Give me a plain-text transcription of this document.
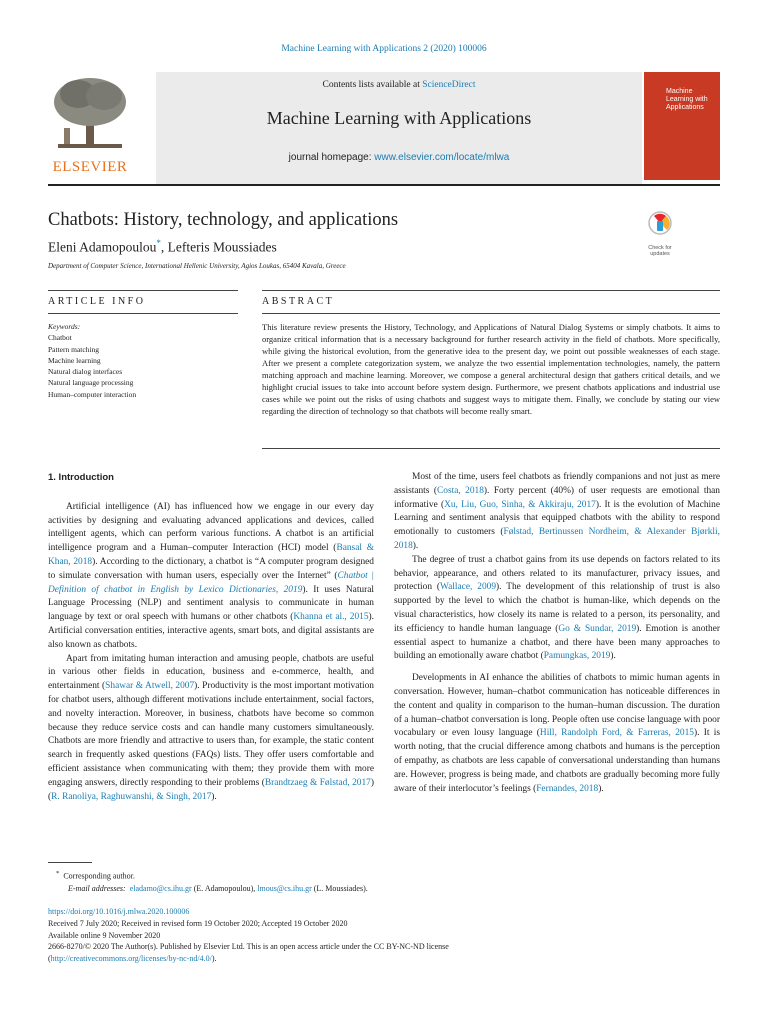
Machine Learning with Applications 2 (2020) 100006
Contents lists available at ScienceDirect
Machine Learning with Applications
journal homepage: www.elsevier.com/locate/mlwa
ELSEVIER
Machine Learning with Applications
Chatbots: History, technology, and applications
Eleni Adamopoulou*, Lefteris Moussiades
Department of Computer Science, International Hellenic University, Agios Loukas, 65404 Kavala, Greece
Check for updates
ARTICLE INFO	ABSTRACT
Keywords:
Chatbot
Pattern matching
Machine learning
Natural dialog interfaces
Natural language processing
Human–computer interaction
This literature review presents the History, Technology, and Applications of Natural Dialog Systems or simply chatbots. It aims to organize critical information that is a necessary background for further research activity in the field of chatbots. More specifically, while giving the historical evolution, from the generative idea to the present day, we point out possible weaknesses of each stage. After we present a complete categorization system, we analyze the two essential implementation technologies, namely, the pattern matching approach and machine learning. Moreover, we compose a general architectural design that gathers critical details, and we highlight crucial issues to take into account before system design. Furthermore, we present chatbots applications and industrial use cases while we point out the risks of using chatbots and suggest ways to mitigate them. Finally, we conclude by stating our view regarding the direction of technology so that chatbots will become really smart.
1. Introduction

Artificial intelligence (AI) has influenced how we engage in our every day activities by designing and evaluating advanced applications and devices, called intelligent agents, which can perform various functions. A chatbot is an artificial intelligence program and a Human–computer Interaction (HCI) model (Bansal & Khan, 2018). According to the dictionary, a chatbot is “A computer program designed to simulate conversation with human users, especially over the Internet” (Chatbot | Definition of chatbot in English by Lexico Dictionaries, 2019). It uses Natural Language Processing (NLP) and sentiment analysis to communicate in human language by text or oral speech with humans or other chatbots (Khanna et al., 2015). Artificial conversation entities, interactive agents, smart bots, and digital assistants are also known as chatbots.

Apart from imitating human interaction and amusing people, chatbots are useful in various other fields in education, business and e-commerce, health, and entertainment (Shawar & Atwell, 2007). Productivity is the most important motivation for chatbot users, although different motivations include entertainment, social factors, and novelty interaction. Moreover, in business, chatbots have become so common because they reduce service costs and can handle many customers simultaneously. Chatbots are more friendly and attractive to users than, for example, the static content search in frequently asked questions (FAQs) lists. They offer users comfortable and efficient assistance when communicating with them; they provide them with more engaging answers, directly responding to their problems (Brandtzaeg & Følstad, 2017) (R. Ranoliya, Raghuwanshi, & Singh, 2017).

Most of the time, users feel chatbots as friendly companions and not just as mere assistants (Costa, 2018). Forty percent (40%) of user requests are emotional than informative (Xu, Liu, Guo, Sinha, & Akkiraju, 2017). It is the evolution of Machine Learning and sentiment analysis that equipped chatbots with the ability to respond emotionally to customers (Følstad, Bertinussen Nordheim, & Alexander Bjørkli, 2018).

The degree of trust a chatbot gains from its use depends on factors related to its behavior, appearance, and others related to its manufacturer, privacy issues, and protection (Wallace, 2009). The development of this relationship of trust is also supported by the level to which the chatbot is human-like, which depends on the visual characteristics, how closely its name is related to a person, its personality, and its efficiency to handle human language (Go & Sundar, 2019). Emotion is another essential aspect to humanize a chatbot, and there have been many approaches to building an emotionally aware chatbot (Pamungkas, 2019).

Developments in AI enhance the abilities of chatbots to mimic human agents in conversation. However, human–chatbot communication has noticeable differences in the content and quality in comparison to the human–human discussion. The duration of a human–chatbot conversation is long. People often use concise language with poor vocabulary or even lousy language (Hill, Randolph Ford, & Farreras, 2015). It is worth noting, that the crucial difference among chatbots and humans is the perception of empathy, as chatbots are less capable of conversational understanding than humans are. However, progress is being made, and chatbots are gradually becoming more fully aware of their interlocutor’s feelings (Fernandes, 2018).

* Corresponding author.
E-mail addresses: eladamo@cs.ihu.gr (E. Adamopoulou), lmous@cs.ihu.gr (L. Moussiades).
https://doi.org/10.1016/j.mlwa.2020.100006
Received 7 July 2020; Received in revised form 19 October 2020; Accepted 19 October 2020
Available online 9 November 2020
2666-8270/© 2020 The Author(s). Published by Elsevier Ltd. This is an open access article under the CC BY-NC-ND license
(http://creativecommons.org/licenses/by-nc-nd/4.0/).
